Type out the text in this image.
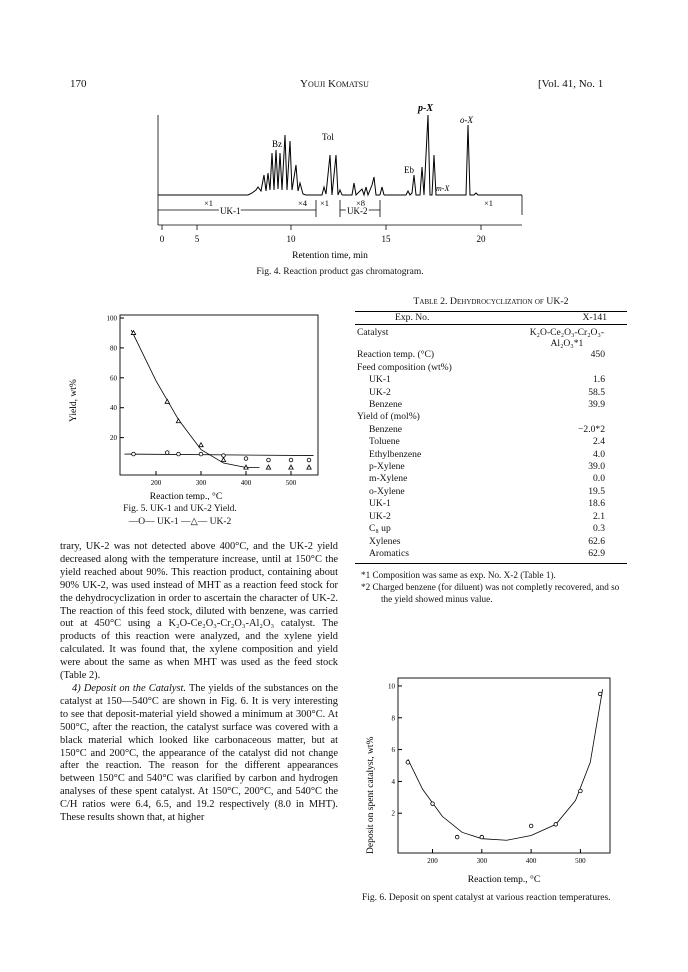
170	Youji Komatsu	[Vol. 41, No. 1
Bz
Tol
Eb
p-X
m-X
o-X
×1	×4 ×1	×8	×1
UK-1	UK-2
0	5	10	15	20
Retention time, min
Fig. 4. Reaction product gas chromatogram.
200	300	400	500
20
40
60
80
100
Yield, wt%
Reaction temp., °C
Fig. 5. UK-1 and UK-2 Yield.
—O— UK-1 —△— UK-2

trary, UK-2 was not detected above 400°C, and the UK-2 yield decreased along with the temperature increase, until at 150°C the yield reached about 90%. This reaction product, containing about 90% UK-2, was used instead of MHT as a reaction feed stock for the dehydrocyclization in order to ascertain the character of UK-2. The reaction of this feed stock, diluted with benzene, was carried out at 450°C using a K₂O-Ce₂O₃-Cr₂O₃-Al₂O₃ catalyst. The products of this reaction were analyzed, and the xylene yield calculated. It was found that, the xylene composition and yield were about the same as when MHT was used as the feed stock (Table 2).

4) Deposit on the Catalyst. The yields of the substances on the catalyst at 150—540°C are shown in Fig. 6. It is very interesting to see that deposit-material yield showed a minimum at 300°C. At 500°C, after the reaction, the catalyst surface was covered with a black material which looked like carbonaceous matter, but at 150°C and 200°C, the appearance of the catalyst did not change after the reaction. The reason for the different appearances between 150°C and 540°C was clarified by carbon and hydrogen analyses of these spent catalyst. At 150°C, 200°C, and 540°C the C/H ratios were 6.4, 6.5, and 19.2 respectively (8.0 in MHT). These results shown that, at higher

Table 2. Dehydrocyclization of UK-2
Exp. No.	X-141
Catalyst	K₂O-Ce₂O₃-Cr₂O₃-
Al₂O₃*1

Reaction temp. (°C)	450
Feed composition (wt%)	
UK-1	1.6
UK-2	58.5
Benzene	39.9
Yield of (mol%)	
Benzene	−2.0*2
Toluene	2.4
Ethylbenzene	4.0
p-Xylene	39.0
m-Xylene	0.0
o-Xylene	19.5
UK-1	18.6
UK-2	2.1
C₈ up	0.3
Xylenes	62.6
Aromatics	62.9
*1 Composition was same as exp. No. X-2 (Table 1).
*2 Charged benzene (for diluent) was not completly recovered, and so the yield showed minus value.
200	300	400	500
2
4
6
8
10
Deposit on spent catalyst, wt%
Reaction temp., °C
Fig. 6. Deposit on spent catalyst at various reaction temperatures.
